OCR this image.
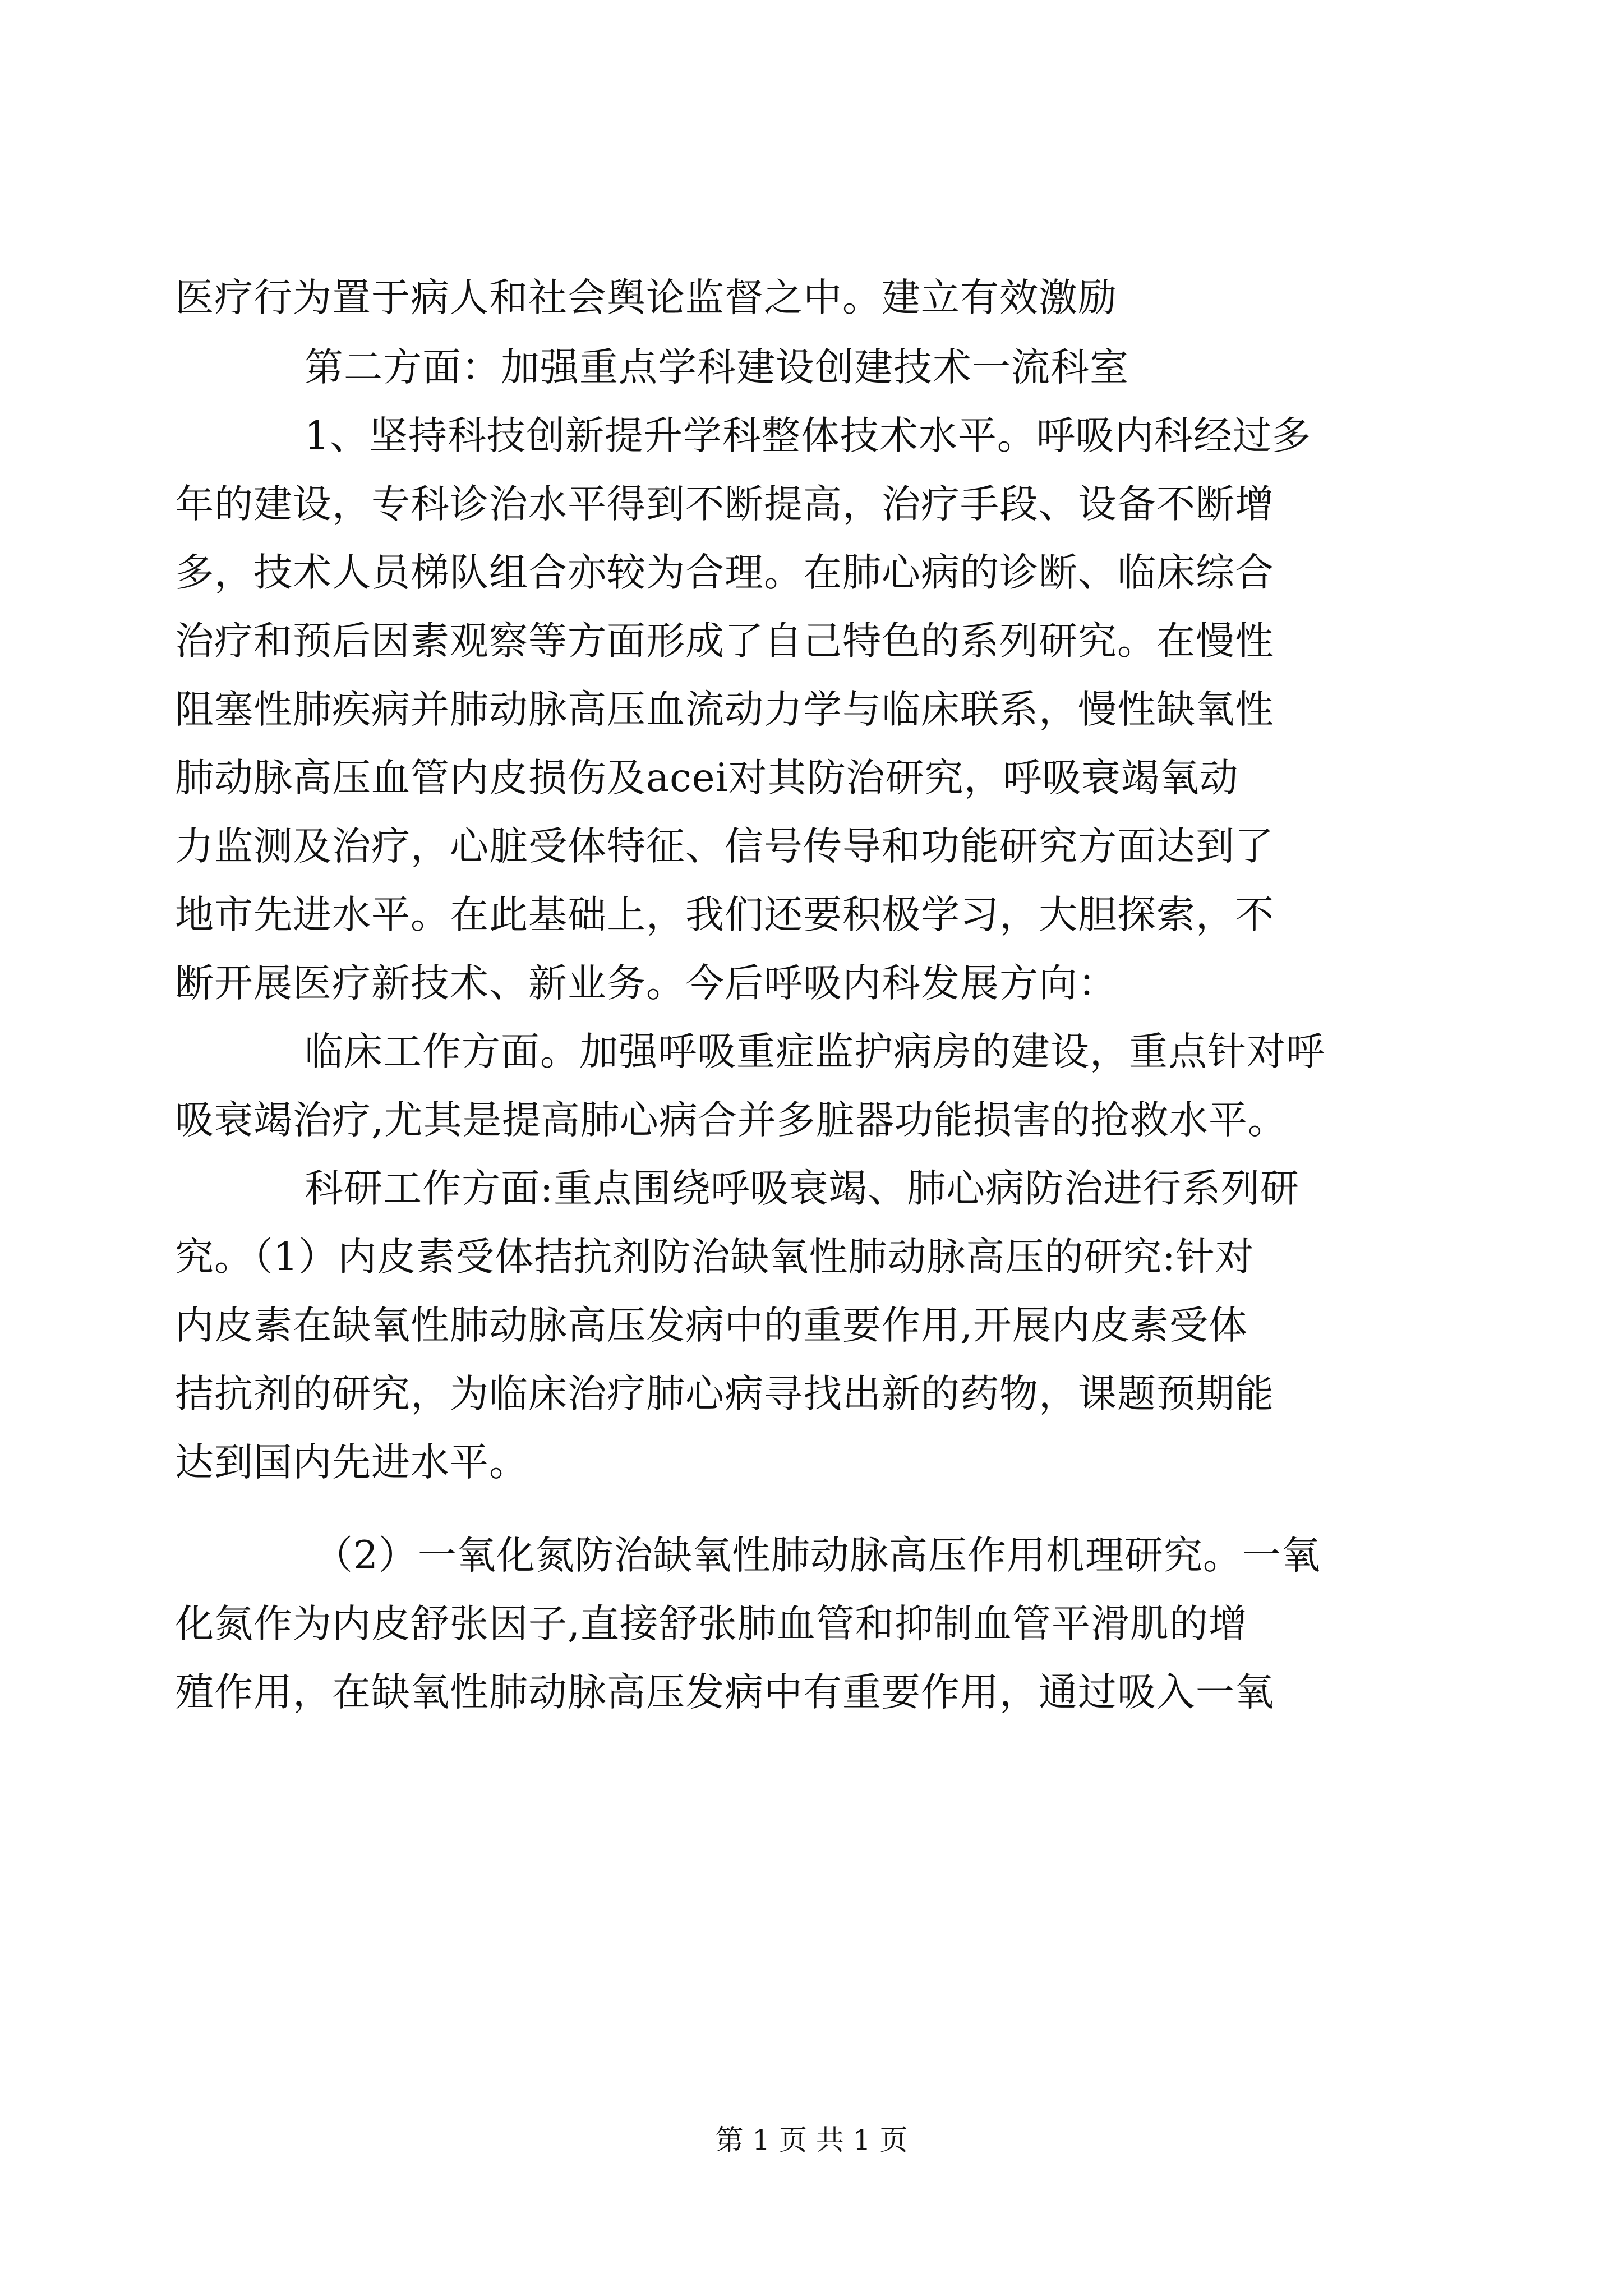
医疗行为置于病人和社会舆论监督之中。建立有效激励
第二方面：加强重点学科建设创建技术一流科室
1、坚持科技创新提升学科整体技术水平。呼吸内科经过多
年的建设，专科诊治水平得到不断提高，治疗手段、设备不断增
多，技术人员梯队组合亦较为合理。在肺心病的诊断、临床综合
治疗和预后因素观察等方面形成了自己特色的系列研究。在慢性
阻塞性肺疾病并肺动脉高压血流动力学与临床联系，慢性缺氧性
肺动脉高压血管内皮损伤及acei对其防治研究，呼吸衰竭氧动
力监测及治疗，心脏受体特征、信号传导和功能研究方面达到了
地市先进水平。在此基础上，我们还要积极学习，大胆探索，不
断开展医疗新技术、新业务。今后呼吸内科发展方向：
临床工作方面。加强呼吸重症监护病房的建设，重点针对呼
吸衰竭治疗,尤其是提高肺心病合并多脏器功能损害的抢救水平。
科研工作方面:重点围绕呼吸衰竭、肺心病防治进行系列研
究。（1）内皮素受体拮抗剂防治缺氧性肺动脉高压的研究:针对
内皮素在缺氧性肺动脉高压发病中的重要作用,开展内皮素受体
拮抗剂的研究，为临床治疗肺心病寻找出新的药物，课题预期能
达到国内先进水平。
（2）一氧化氮防治缺氧性肺动脉高压作用机理研究。一氧
化氮作为内皮舒张因子,直接舒张肺血管和抑制血管平滑肌的增
殖作用，在缺氧性肺动脉高压发病中有重要作用，通过吸入一氧
第 1 页 共 1 页
